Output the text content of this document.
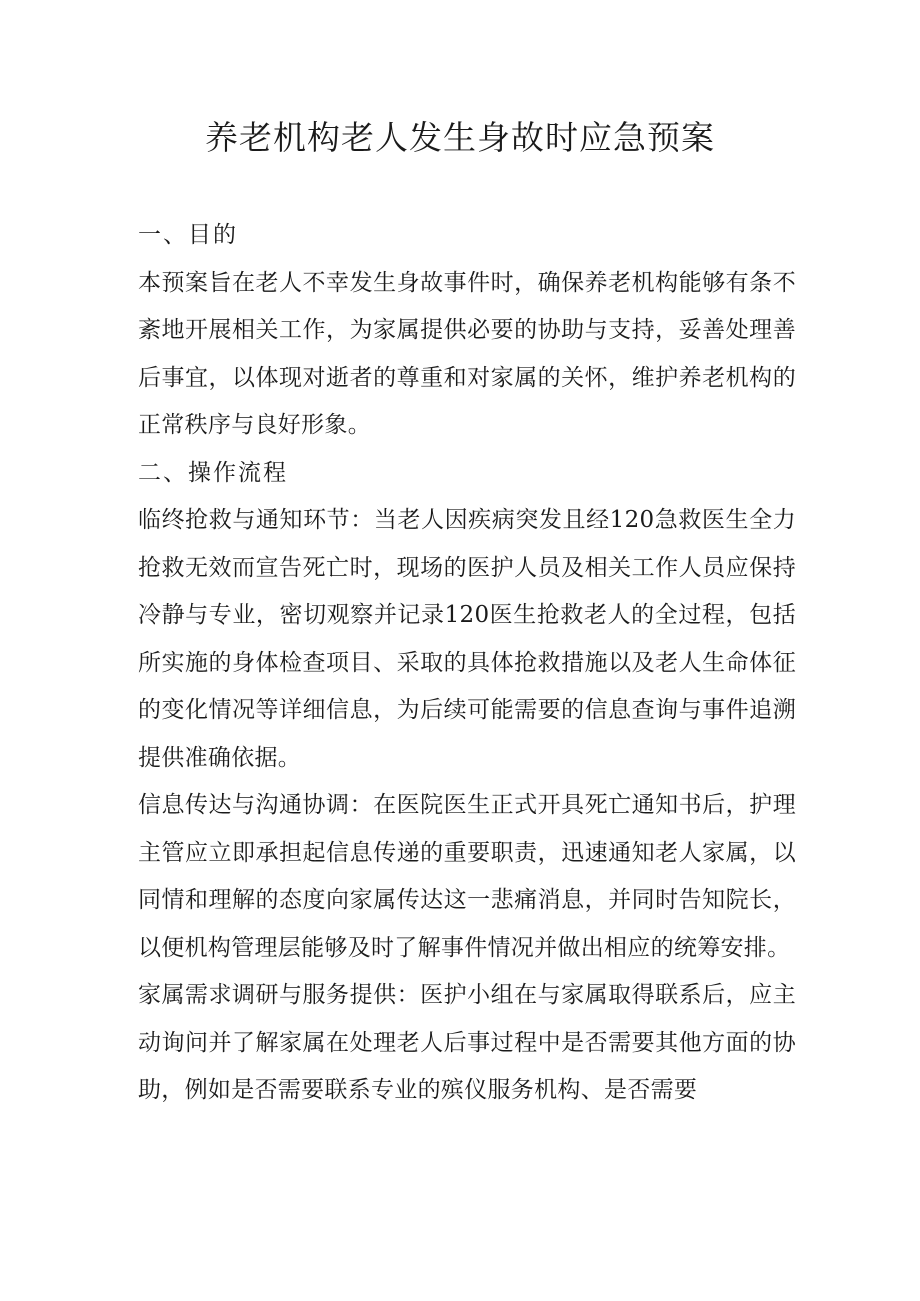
养老机构老人发生身故时应急预案

一、目的

本预案旨在老人不幸发生身故事件时，确保养老机构能够有条不紊地开展相关工作，为家属提供必要的协助与支持，妥善处理善后事宜，以体现对逝者的尊重和对家属的关怀，维护养老机构的正常秩序与良好形象。

二、操作流程

临终抢救与通知环节：当老人因疾病突发且经120急救医生全力抢救无效而宣告死亡时，现场的医护人员及相关工作人员应保持冷静与专业，密切观察并记录120医生抢救老人的全过程，包括所实施的身体检查项目、采取的具体抢救措施以及老人生命体征的变化情况等详细信息，为后续可能需要的信息查询与事件追溯提供准确依据。

信息传达与沟通协调：在医院医生正式开具死亡通知书后，护理主管应立即承担起信息传递的重要职责，迅速通知老人家属，以同情和理解的态度向家属传达这一悲痛消息，并同时告知院长，以便机构管理层能够及时了解事件情况并做出相应的统筹安排。

家属需求调研与服务提供：医护小组在与家属取得联系后，应主动询问并了解家属在处理老人后事过程中是否需要其他方面的协助，例如是否需要联系专业的殡仪服务机构、是否需要
